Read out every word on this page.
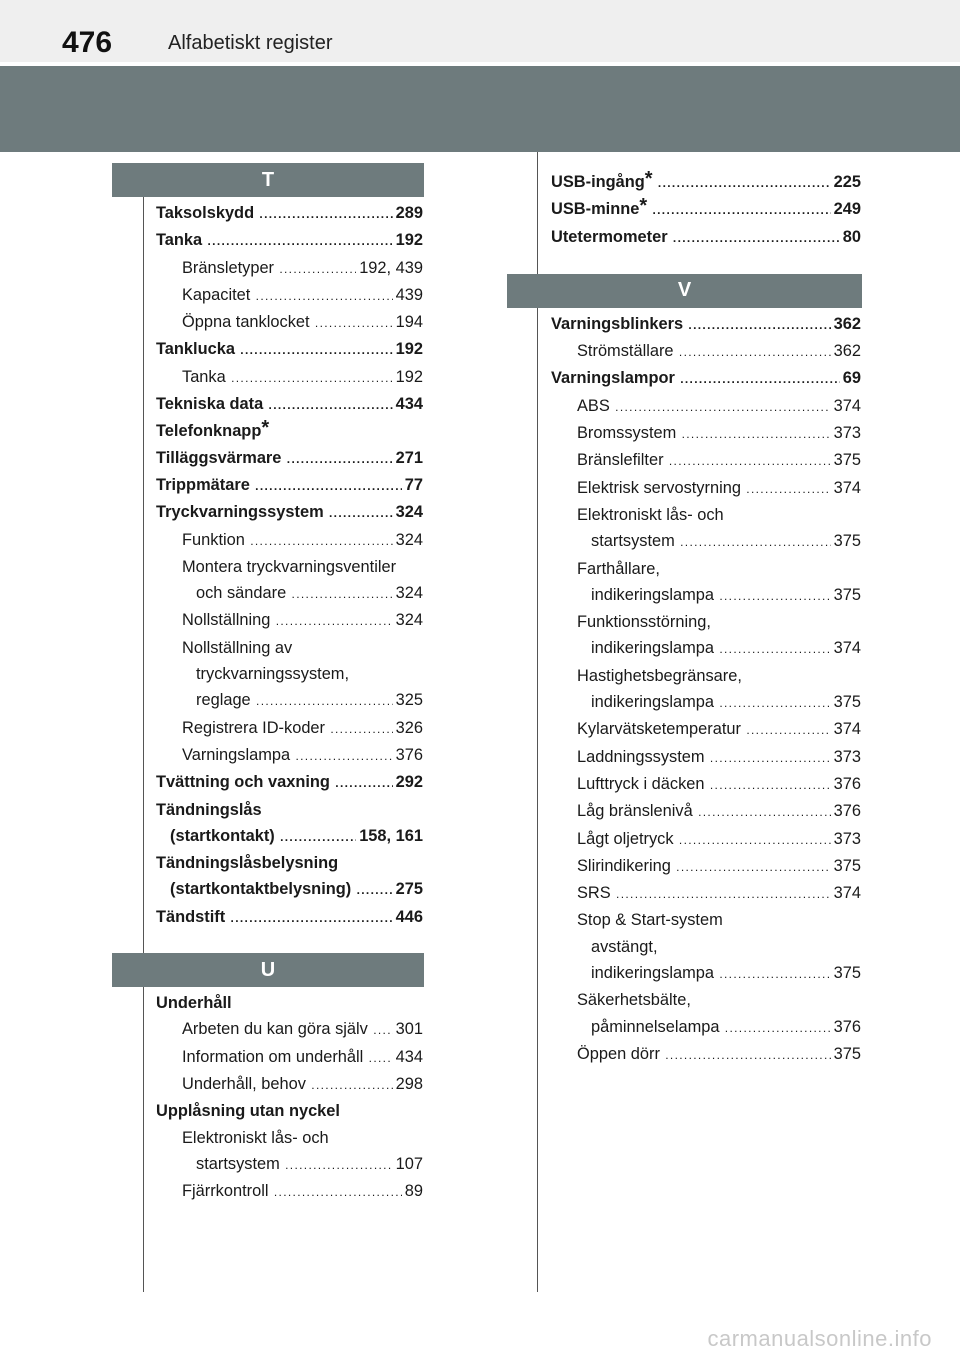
476	Alfabetiskt register
T
Taksolskydd	289
. . .
Tanka	192
. . .
Bränsletyper	192, 439
. . .
Kapacitet	439
. . .
Öppna tanklocket	194
. . .
Tanklucka	192
. . .
Tanka	192
. . .
Tekniska data	434
. . .
Telefonknapp*
Tilläggsvärmare	271
. . .
Trippmätare	77
. . .
Tryckvarningssystem	324
. . .
Funktion	324
. . .
Montera tryckvarningsventiler
och sändare	324
. . .
Nollställning	324
. . .
Nollställning av
tryckvarningssystem,
reglage	325
. . .
Registrera ID-koder	326
. . .
Varningslampa	376
. . .
Tvättning och vaxning	292
. . .
Tändningslås
(startkontakt)	158, 161
. . .
Tändningslåsbelysning
(startkontaktbelysning)	275
. . .
Tändstift	446
. . .
U
Underhåll
Arbeten du kan göra själv 301
. . .
Information om underhåll 434
. . .
Underhåll, behov	298
. . .
Upplåsning utan nyckel
Elektroniskt lås- och
startsystem	107
. . .
Fjärrkontroll	89
. . .
USB-ingång*	225
. . .
USB-minne*	249
. . .
Utetermometer	80
. . .
V
Varningsblinkers	362
. . .
Strömställare	362
. . .
Varningslampor	69
. . .
ABS	374
. . .
Bromssystem	373
. . .
Bränslefilter	375
. . .
Elektrisk servostyrning	374
. . .
Elektroniskt lås- och
startsystem	375
. . .
Farthållare,
indikeringslampa	375
. . .
Funktionsstörning,
indikeringslampa	374
. . .
Hastighetsbegränsare,
indikeringslampa	375
. . .
Kylarvätsketemperatur	374
. . .
Laddningssystem	373
. . .
Lufttryck i däcken	376
. . .
Låg bränslenivå	376
. . .
Lågt oljetryck	373
. . .
Slirindikering	375
. . .
SRS	374
. . .
Stop & Start-system
avstängt,
indikeringslampa	375
. . .
Säkerhetsbälte,
påminnelselampa	376
. . .
Öppen dörr	375
. . .
carmanualsonline.info
